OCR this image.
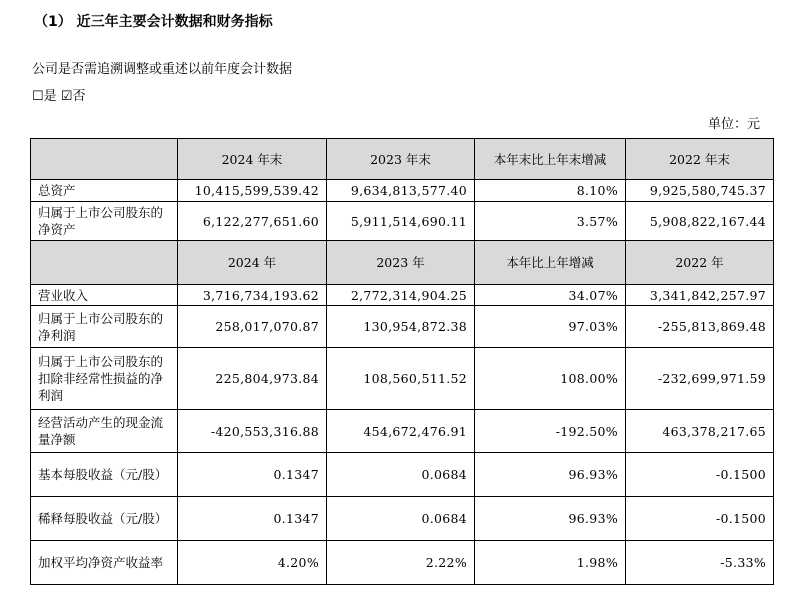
（1） 近三年主要会计数据和财务指标
公司是否需追溯调整或重述以前年度会计数据
☐是 ☑否
单位：元
	2024 年末	2023 年末	本年末比上年末增减	2022 年末
总资产	10,415,599,539.42	9,634,813,577.40	8.10%	9,925,580,745.37
归属于上市公司股东的净资产	6,122,277,651.60	5,911,514,690.11	3.57%	5,908,822,167.44
	2024 年	2023 年	本年比上年增减	2022 年
营业收入	3,716,734,193.62	2,772,314,904.25	34.07%	3,341,842,257.97
归属于上市公司股东的净利润	258,017,070.87	130,954,872.38	97.03%	-255,813,869.48
归属于上市公司股东的扣除非经常性损益的净利润	225,804,973.84	108,560,511.52	108.00%	-232,699,971.59
经营活动产生的现金流量净额	-420,553,316.88	454,672,476.91	-192.50%	463,378,217.65
基本每股收益（元/股）	0.1347	0.0684	96.93%	-0.1500
稀释每股收益（元/股）	0.1347	0.0684	96.93%	-0.1500
加权平均净资产收益率	4.20%	2.22%	1.98%	-5.33%
